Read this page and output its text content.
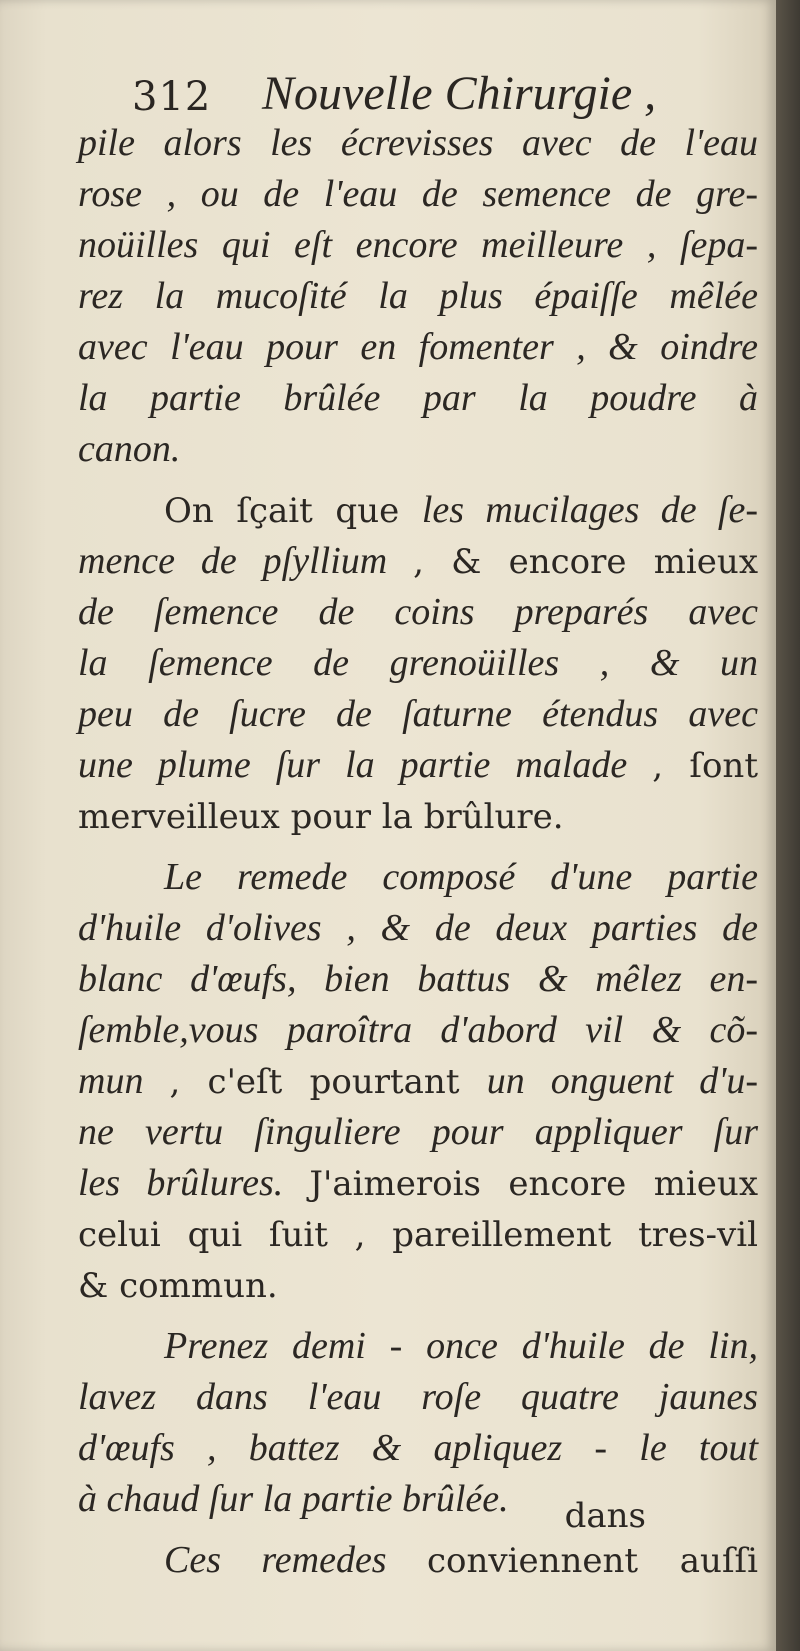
312 Nouvelle Chirurgie ,
pile alors les écrevisses avec de l'eau
rose , ou de l'eau de semence de gre-
noüilles qui eſt encore meilleure , ſepa-
rez la mucoſité la plus épaiſſe mêlée
avec l'eau pour en fomenter , & oindre
la partie brûlée par la poudre à
canon.
On ſçait que les mucilages de ſe-
mence de pſyllium , & encore mieux
de ſemence de coins preparés avec
la ſemence de grenoüilles , & un
peu de ſucre de ſaturne étendus avec
une plume ſur la partie malade , ſont
merveilleux pour la brûlure.
Le remede composé d'une partie
d'huile d'olives , & de deux parties de
blanc d'œufs, bien battus & mêlez en-
ſemble,vous paroîtra d'abord vil & cõ-
mun , c'eſt pourtant un onguent d'u-
ne vertu ſinguliere pour appliquer ſur
les brûlures. J'aimerois encore mieux
celui qui ſuit , pareillement tres-vil
& commun.
Prenez demi - once d'huile de lin,
lavez dans l'eau roſe quatre jaunes
d'œufs , battez & apliquez - le tout
à chaud ſur la partie brûlée.
Ces remedes conviennent auſſi
dans
